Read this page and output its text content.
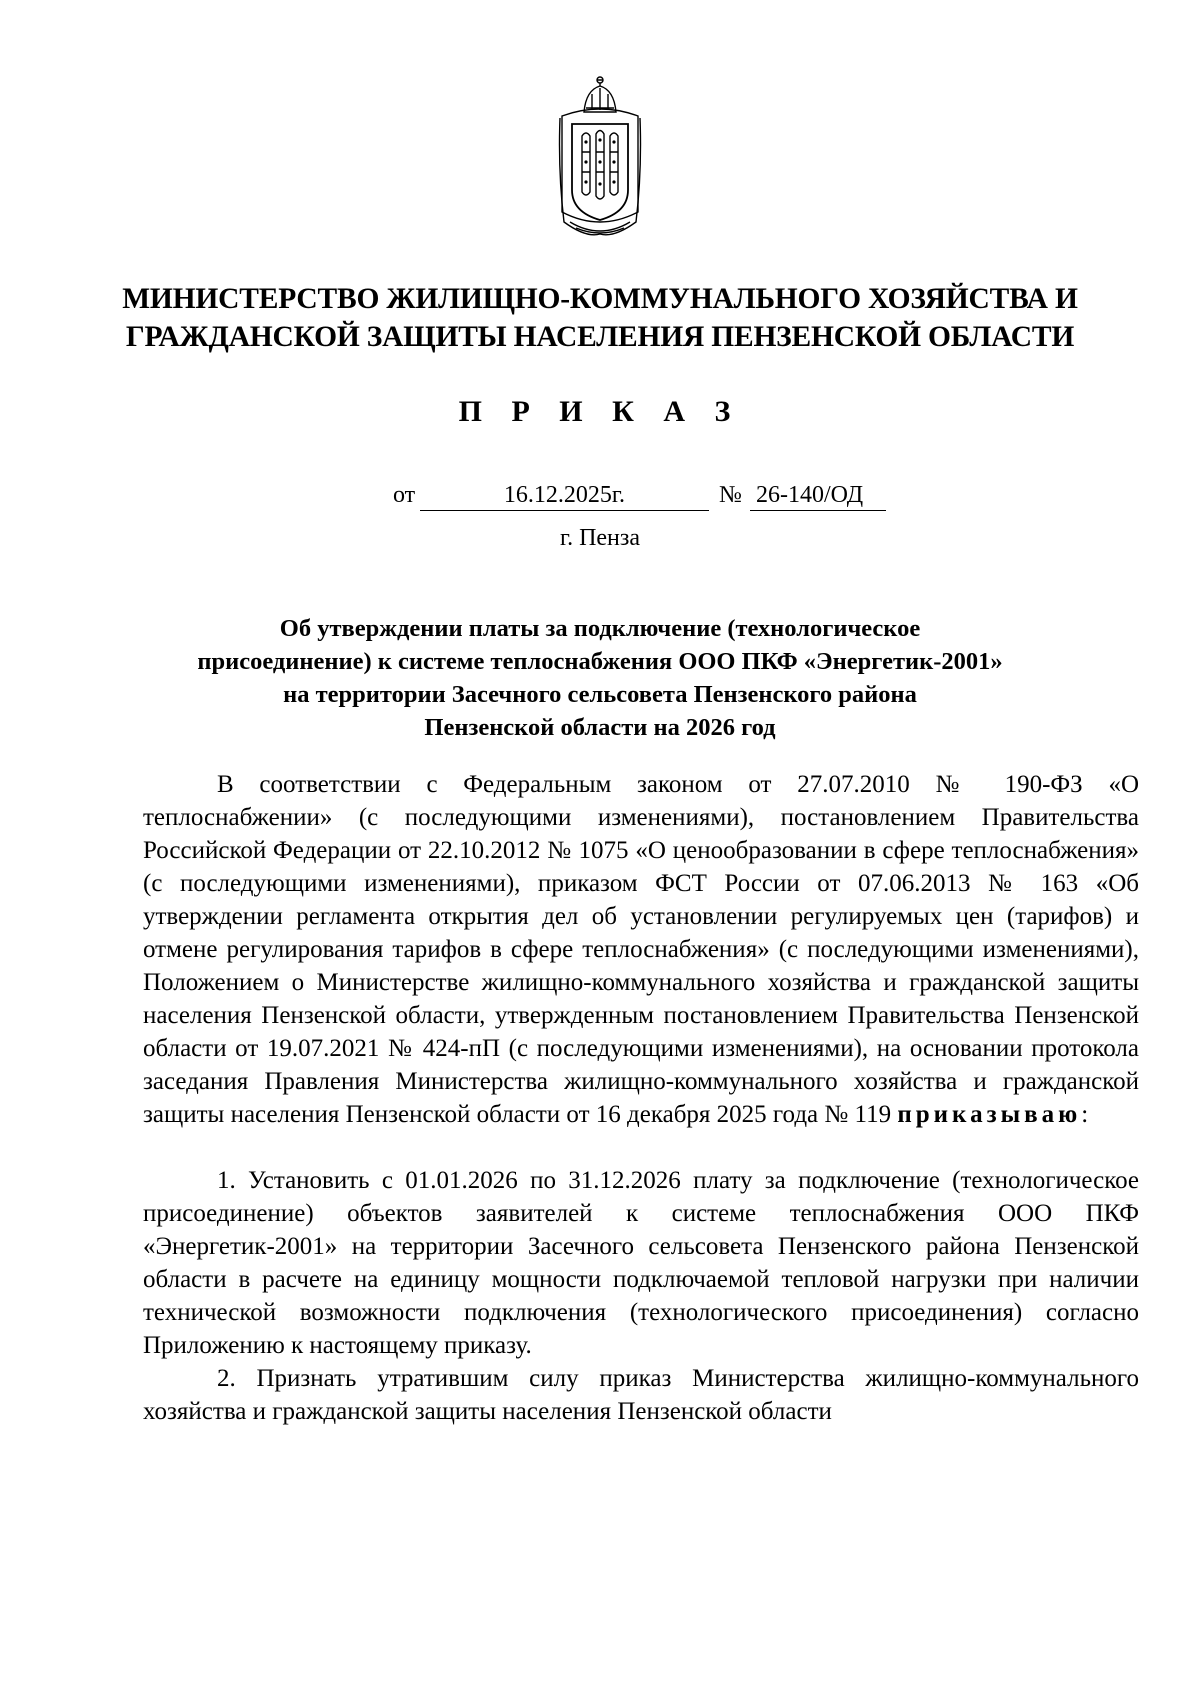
МИНИСТЕРСТВО ЖИЛИЩНО-КОММУНАЛЬНОГО ХОЗЯЙСТВА И
ГРАЖДАНСКОЙ ЗАЩИТЫ НАСЕЛЕНИЯ ПЕНЗЕНСКОЙ ОБЛАСТИ
П Р И К А З
от	16.12.2025г.	№ 26-140/ОД
г. Пенза
Об утверждении платы за подключение (технологическое
присоединение) к системе теплоснабжения ООО ПКФ «Энергетик-2001»
на территории Засечного сельсовета Пензенского района
Пензенской области на 2026 год

В соответствии с Федеральным законом от 27.07.2010 № 190-ФЗ «О теплоснабжении» (с последующими изменениями), постановлением Правительства Российской Федерации от 22.10.2012 № 1075 «О ценообразовании в сфере теплоснабжения» (с последующими изменениями), приказом ФСТ России от 07.06.2013 № 163 «Об утверждении регламента открытия дел об установлении регулируемых цен (тарифов) и отмене регулирования тарифов в сфере теплоснабжения» (с последующими изменениями), Положением о Министерстве жилищно-коммунального хозяйства и гражданской защиты населения Пензенской области, утвержденным постановлением Правительства Пензенской области от 19.07.2021 № 424-пП (с последующими изменениями), на основании протокола заседания Правления Министерства жилищно-коммунального хозяйства и гражданской защиты населения Пензенской области от 16 декабря 2025 года № 119 приказываю:

1. Установить с 01.01.2026 по 31.12.2026 плату за подключение (технологическое присоединение) объектов заявителей к системе теплоснабжения ООО ПКФ «Энергетик-2001» на территории Засечного сельсовета Пензенского района Пензенской области в расчете на единицу мощности подключаемой тепловой нагрузки при наличии технической возможности подключения (технологического присоединения) согласно Приложению к настоящему приказу.

2. Признать утратившим силу приказ Министерства жилищно-коммунального хозяйства и гражданской защиты населения Пензенской области
